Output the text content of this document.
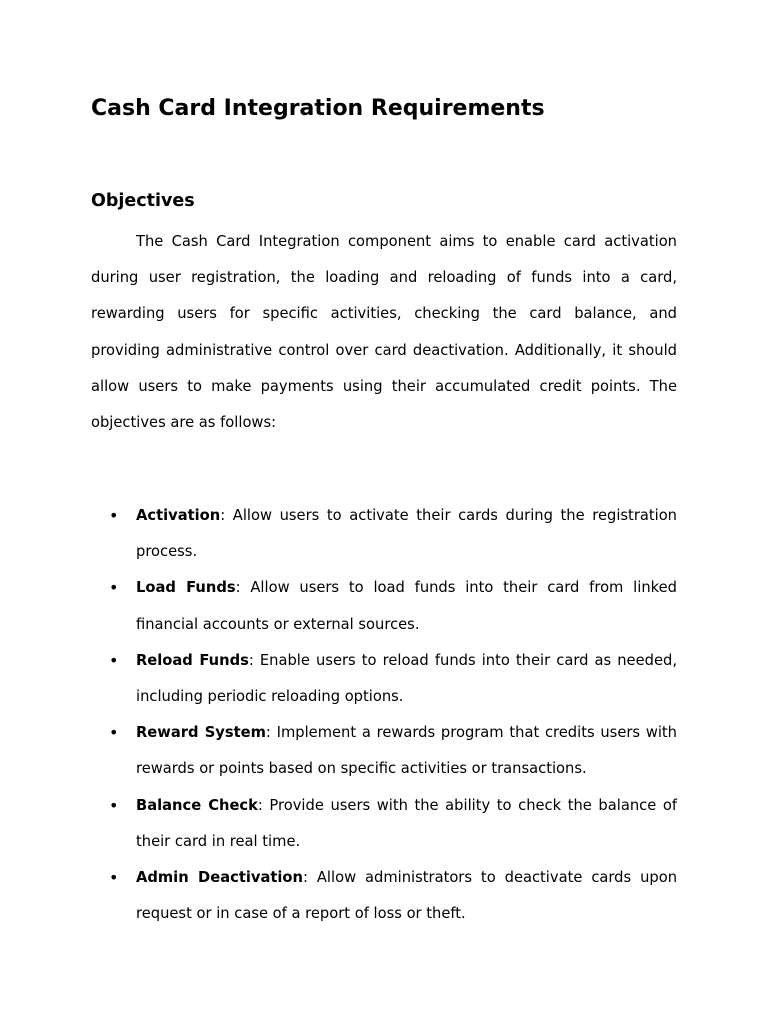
Cash Card Integration Requirements
Objectives

The Cash Card Integration component aims to enable card activation during user registration, the loading and reloading of funds into a card, rewarding users for specific activities, checking the card balance, and providing administrative control over card deactivation. Additionally, it should allow users to make payments using their accumulated credit points. The objectives are as follows:

• Activation: Allow users to activate their cards during the registration process.
• Load Funds: Allow users to load funds into their card from linked financial accounts or external sources.
• Reload Funds: Enable users to reload funds into their card as needed, including periodic reloading options.
• Reward System: Implement a rewards program that credits users with rewards or points based on specific activities or transactions.
• Balance Check: Provide users with the ability to check the balance of their card in real time.
• Admin Deactivation: Allow administrators to deactivate cards upon request or in case of a report of loss or theft.
